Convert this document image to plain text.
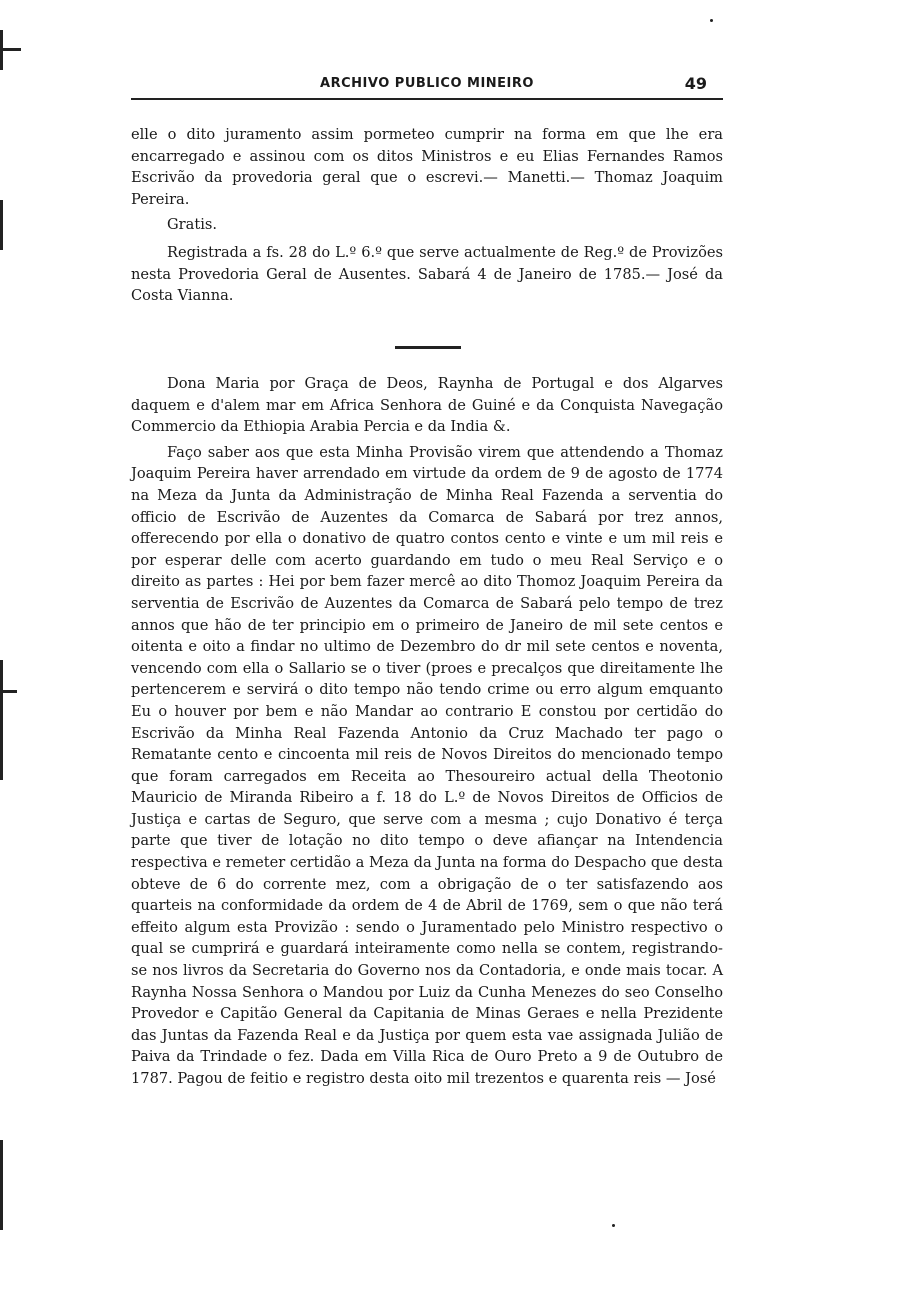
ARCHIVO PUBLICO MINEIRO	49

elle o dito juramento assim pormeteo cumprir na forma em que lhe era encarregado e assinou com os ditos Ministros e eu Elias Fernandes Ramos Escrivão da provedoria geral que o escrevi.— Manetti.— Thomaz Joaquim Pereira.

Gratis.

Registrada a fs. 28 do L.º 6.º que serve actualmente de Reg.º de Provizões nesta Provedoria Geral de Ausentes. Sabará 4 de Janeiro de 1785.— José da Costa Vianna.

Dona Maria por Graça de Deos, Raynha de Portugal e dos Algarves daquem e d'alem mar em Africa Senhora de Guiné e da Conquista Navegação Commercio da Ethiopia Arabia Percia e da India &.

Faço saber aos que esta Minha Provisão virem que attendendo a Thomaz Joaquim Pereira haver arrendado em virtude da ordem de 9 de agosto de 1774 na Meza da Junta da Administração de Minha Real Fazenda a serventia do officio de Escrivão de Auzentes da Comarca de Sabará por trez annos, offerecendo por ella o donativo de quatro contos cento e vinte e um mil reis e por esperar delle com acerto guardando em tudo o meu Real Serviço e o direito as partes : Hei por bem fazer mercê ao dito Thomoz Joaquim Pereira da serventia de Escrivão de Auzentes da Comarca de Sabará pelo tempo de trez annos que hão de ter principio em o primeiro de Janeiro de mil sete centos e oitenta e oito a findar no ultimo de Dezembro do dr mil sete centos e noventa, vencendo com ella o Sallario se o tiver (proes e precalços que direitamente lhe pertencerem e servirá o dito tempo não tendo crime ou erro algum emquanto Eu o houver por bem e não Mandar ao contrario E constou por certidão do Escrivão da Minha Real Fazenda Antonio da Cruz Machado ter pago o Rematante cento e cincoenta mil reis de Novos Direitos do mencionado tempo que foram carregados em Receita ao Thesoureiro actual della Theotonio Mauricio de Miranda Ribeiro a f. 18 do L.º de Novos Direitos de Officios de Justiça e cartas de Seguro, que serve com a mesma ; cujo Donativo é terça parte que tiver de lotação no dito tempo o deve afiançar na Intendencia respectiva e remeter certidão a Meza da Junta na forma do Despacho que desta obteve de 6 do corrente mez, com a obrigação de o ter satisfazendo aos quarteis na conformidade da ordem de 4 de Abril de 1769, sem o que não terá effeito algum esta Provizão : sendo o Juramentado pelo Ministro respectivo o qual se cumprirá e guardará inteiramente como nella se contem, registrando-se nos livros da Secretaria do Governo nos da Contadoria, e onde mais tocar. A Raynha Nossa Senhora o Mandou por Luiz da Cunha Menezes do seo Conselho Provedor e Capitão General da Capitania de Minas Geraes e nella Prezidente das Juntas da Fazenda Real e da Justiça por quem esta vae assignada Julião de Paiva da Trindade o fez. Dada em Villa Rica de Ouro Preto a 9 de Outubro de 1787. Pagou de feitio e registro desta oito mil trezentos e quarenta reis — José
